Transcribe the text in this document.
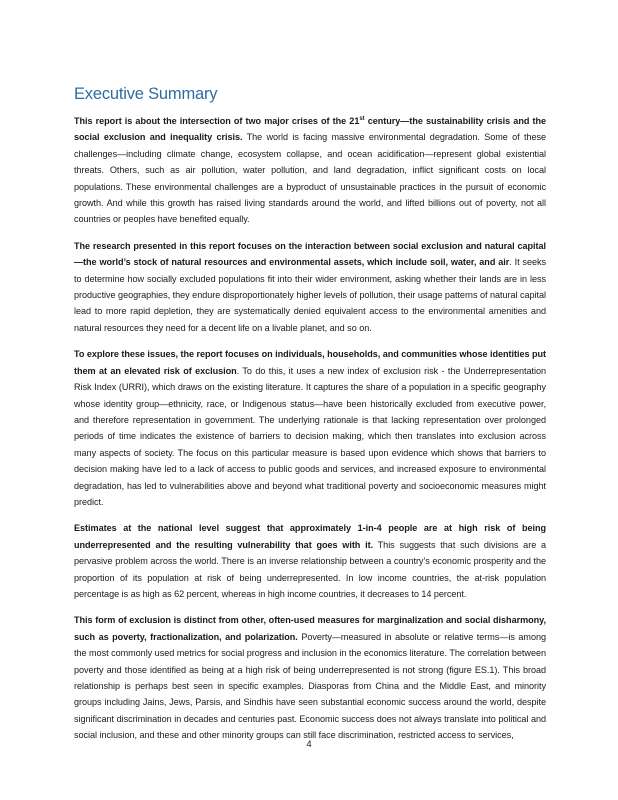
Executive Summary

This report is about the intersection of two major crises of the 21st century—the sustainability crisis and the social exclusion and inequality crisis. The world is facing massive environmental degradation. Some of these challenges—including climate change, ecosystem collapse, and ocean acidification—represent global existential threats. Others, such as air pollution, water pollution, and land degradation, inflict significant costs on local populations. These environmental challenges are a byproduct of unsustainable practices in the pursuit of economic growth. And while this growth has raised living standards around the world, and lifted billions out of poverty, not all countries or peoples have benefited equally.

The research presented in this report focuses on the interaction between social exclusion and natural capital—the world’s stock of natural resources and environmental assets, which include soil, water, and air. It seeks to determine how socially excluded populations fit into their wider environment, asking whether their lands are in less productive geographies, they endure disproportionately higher levels of pollution, their usage patterns of natural capital lead to more rapid depletion, they are systematically denied equivalent access to the environmental amenities and natural resources they need for a decent life on a livable planet, and so on.

To explore these issues, the report focuses on individuals, households, and communities whose identities put them at an elevated risk of exclusion. To do this, it uses a new index of exclusion risk - the Underrepresentation Risk Index (URRI), which draws on the existing literature. It captures the share of a population in a specific geography whose identity group—ethnicity, race, or Indigenous status—have been historically excluded from executive power, and therefore representation in government. The underlying rationale is that lacking representation over prolonged periods of time indicates the existence of barriers to decision making, which then translates into exclusion across many aspects of society. The focus on this particular measure is based upon evidence which shows that barriers to decision making have led to a lack of access to public goods and services, and increased exposure to environmental degradation, has led to vulnerabilities above and beyond what traditional poverty and socioeconomic measures might predict.

Estimates at the national level suggest that approximately 1-in-4 people are at high risk of being underrepresented and the resulting vulnerability that goes with it. This suggests that such divisions are a pervasive problem across the world. There is an inverse relationship between a country’s economic prosperity and the proportion of its population at risk of being underrepresented. In low income countries, the at-risk population percentage is as high as 62 percent, whereas in high income countries, it decreases to 14 percent.

This form of exclusion is distinct from other, often-used measures for marginalization and social disharmony, such as poverty, fractionalization, and polarization. Poverty—measured in absolute or relative terms—is among the most commonly used metrics for social progress and inclusion in the economics literature. The correlation between poverty and those identified as being at a high risk of being underrepresented is not strong (figure ES.1). This broad relationship is perhaps best seen in specific examples. Diasporas from China and the Middle East, and minority groups including Jains, Jews, Parsis, and Sindhis have seen substantial economic success around the world, despite significant discrimination in decades and centuries past. Economic success does not always translate into political and social inclusion, and these and other minority groups can still face discrimination, restricted access to services,

4
